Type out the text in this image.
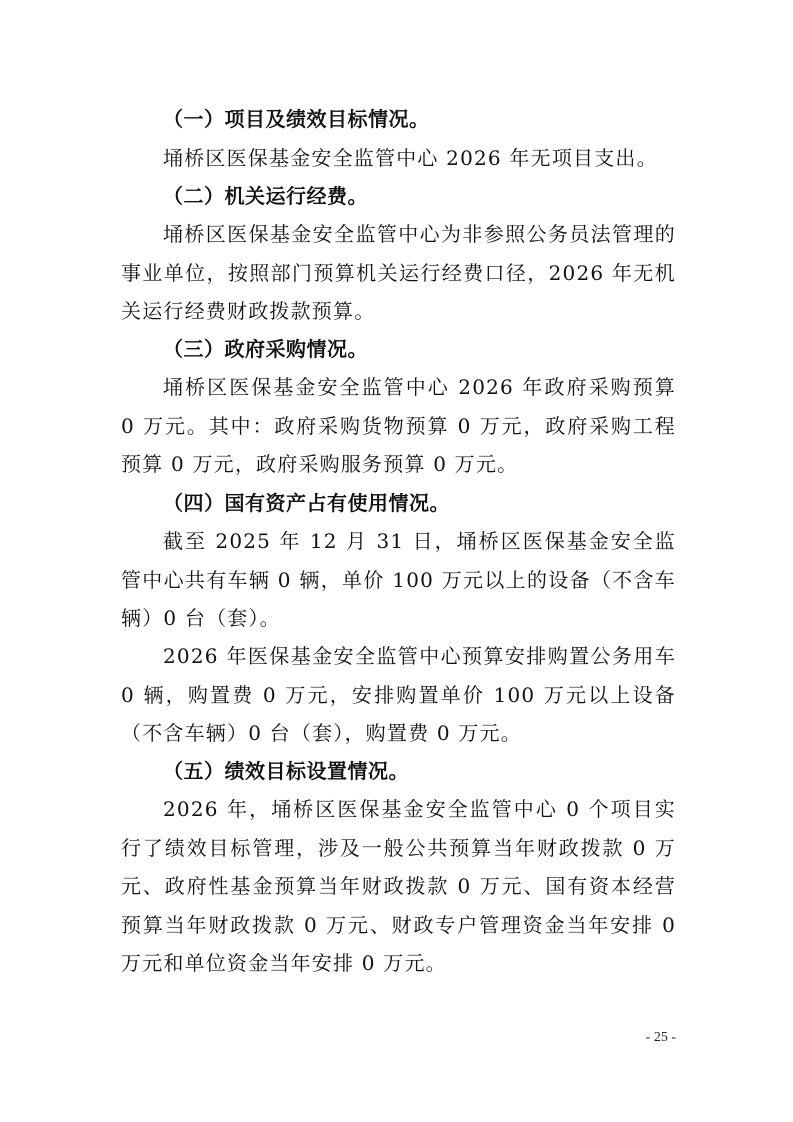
（一）项目及绩效目标情况。

埇桥区医保基金安全监管中心 2026 年无项目支出。

（二）机关运行经费。

埇桥区医保基金安全监管中心为非参照公务员法管理的事业单位，按照部门预算机关运行经费口径，2026 年无机关运行经费财政拨款预算。

（三）政府采购情况。

埇桥区医保基金安全监管中心 2026 年政府采购预算 0 万元。其中：政府采购货物预算 0 万元，政府采购工程预算 0 万元，政府采购服务预算 0 万元。

（四）国有资产占有使用情况。

截至 2025 年 12 月 31 日，埇桥区医保基金安全监管中心共有车辆 0 辆，单价 100 万元以上的设备（不含车辆）0 台（套）。

2026 年医保基金安全监管中心预算安排购置公务用车 0 辆，购置费 0 万元，安排购置单价 100 万元以上设备（不含车辆）0 台（套），购置费 0 万元。

（五）绩效目标设置情况。

2026 年，埇桥区医保基金安全监管中心 0 个项目实行了绩效目标管理，涉及一般公共预算当年财政拨款 0 万元、政府性基金预算当年财政拨款 0 万元、国有资本经营预算当年财政拨款 0 万元、财政专户管理资金当年安排 0 万元和单位资金当年安排 0 万元。

- 25 -
